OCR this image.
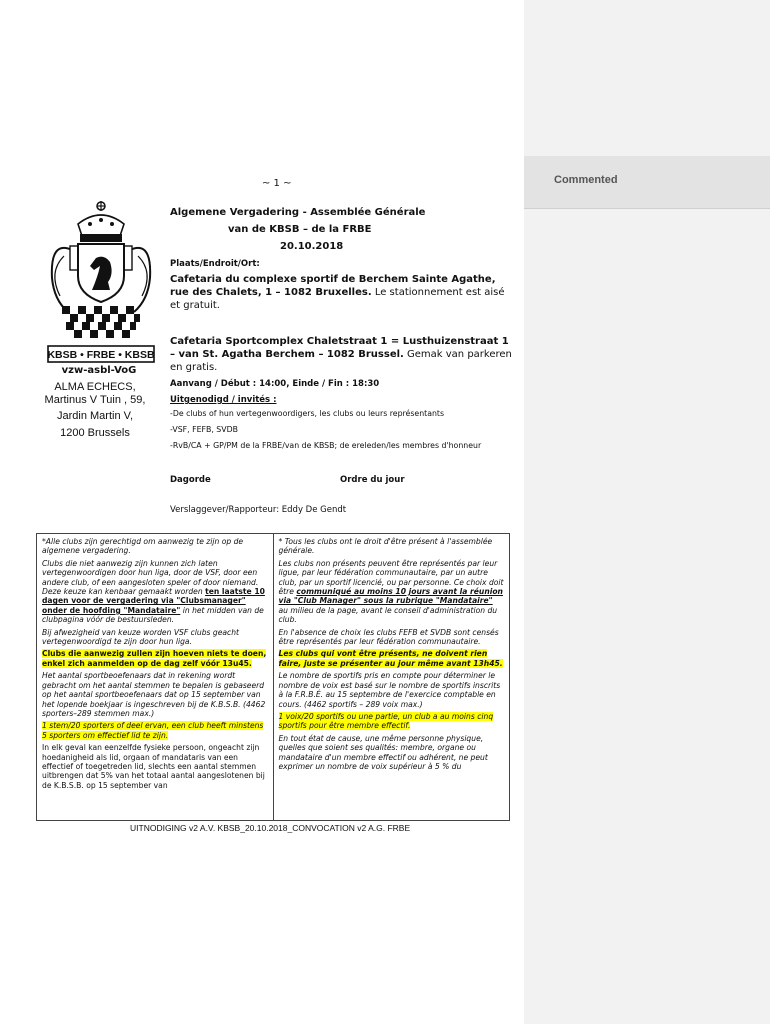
Comment​ed
~ 1 ~
KBSB • FRBE • KBSB
vzw-asbl-VoG
ALMA ECHECS,
Martinus V Tuin , 59,
Jardin Martin V,
1200 Brussels
Algemene Vergadering - Assemblée Générale
van de KBSB – de la FRBE
20.10.2018
Plaats/Endroit/Ort:
Cafetaria du complexe sportif de Berchem Sainte Agathe, rue des Chalets, 1 – 1082 Bruxelles. Le stationnement est aisé et gratuit.
Cafetaria Sportcomplex Chaletstraat 1 = Lusthuizenstraat 1 – van St. Agatha Berchem – 1082 Brussel. Gemak van parkeren en gratis.
Aanvang / Début : 14:00, Einde / Fin : 18:30
Uitgenodigd / invités :
-De clubs of hun vertegenwoordigers, les clubs ou leurs représentants
-VSF, FEFB, SVDB
-RvB/CA + GP/PM de la FRBE/van de KBSB; de ereleden/les membres d'honneur
Dagorde	Ordre du jour
Verslaggever/Rapporteur: Eddy De Gendt

*Alle clubs zijn gerechtigd om aanwezig te zijn op de algemene vergadering.

Clubs die niet aanwezig zijn kunnen zich laten vertegenwoordigen door hun liga, door de VSF, door een andere club, of een aangesloten speler of door niemand. Deze keuze kan kenbaar gemaakt worden ten laatste 10 dagen voor de vergadering via "Clubsmanager" onder de hoofding "Mandataire" in het midden van de clubpagina vóór de bestuursleden.

Bij afwezigheid van keuze worden VSF clubs geacht vertegenwoordigd te zijn door hun liga.

Clubs die aanwezig zullen zijn hoeven niets te doen, enkel zich aanmelden op de dag zelf vóór 13u45.

Het aantal sportbeoefenaars dat in rekening wordt gebracht om het aantal stemmen te bepalen is gebaseerd op het aantal sportbeoefenaars dat op 15 september van het lopende boekjaar is ingeschreven bij de K.B.S.B. (4462 sporters–289 stemmen max.)

1 stem/20 sporters of deel ervan, een club heeft minstens 5 sporters om effectief lid te zijn.

In elk geval kan eenzelfde fysieke persoon, ongeacht zijn hoedanigheid als lid, orgaan of mandataris van een effectief of toegetreden lid, slechts een aantal stemmen uitbrengen dat 5% van het totaal aantal aangeslotenen bij de K.B.S.B. op 15 september van

* Tous les clubs ont le droit d'être présent à l'assemblée générale.

Les clubs non présents peuvent être représentés par leur ligue, par leur fédération communautaire, par un autre club, par un sportif licencié, ou par personne. Ce choix doit être communiqué au moins 10 jours avant la réunion via "Club Manager" sous la rubrique "Mandataire" au milieu de la page, avant le conseil d'administration du club.

En l'absence de choix les clubs FEFB et SVDB sont censés être représentés par leur fédération communautaire.

Les clubs qui vont être présents, ne doivent rien faire, juste se présenter au jour même avant 13h45.

Le nombre de sportifs pris en compte pour déterminer le nombre de voix est basé sur le nombre de sportifs inscrits à la F.R.B.É. au 15 septembre de l'exercice comptable en cours. (4462 sportifs – 289 voix max.)

1 voix/20 sportifs ou une partie, un club a au moins cinq sportifs pour être membre effectif.

En tout état de cause, une même personne physique, quelles que soient ses qualités: membre, organe ou mandataire d'un membre effectif ou adhérent, ne peut exprimer un nombre de voix supérieur à 5 % du

UITNODIGING v2 A.V. KBSB_20.10.2018_CONVOCATION v2 A.G. FRBE
